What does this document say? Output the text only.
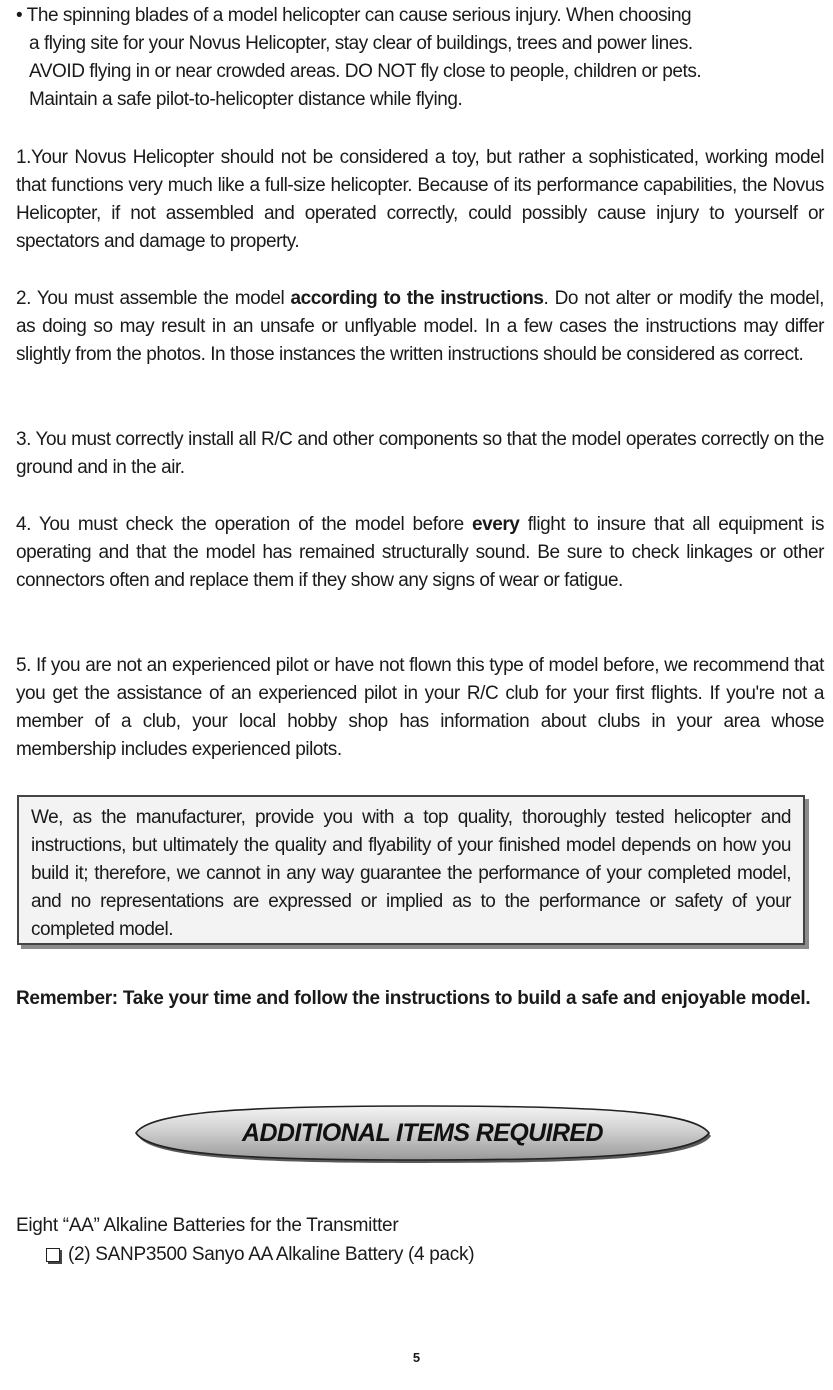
• The spinning blades of a model helicopter can cause serious injury. When choosing
a flying site for your Novus Helicopter, stay clear of buildings, trees and power lines.
AVOID flying in or near crowded areas. DO NOT fly close to people, children or pets.
Maintain a safe pilot-to-helicopter distance while flying.

1.Your Novus Helicopter should not be considered a toy, but rather a sophisticated, working model that functions very much like a full-size helicopter. Because of its performance capabilities, the Novus Helicopter, if not assembled and operated correctly, could possibly cause injury to yourself or spectators and damage to property.

2. You must assemble the model according to the instructions. Do not alter or modify the model, as doing so may result in an unsafe or unflyable model. In a few cases the instructions may differ slightly from the photos. In those instances the written instructions should be considered as correct.

3. You must correctly install all R/C and other components so that the model operates correctly on the ground and in the air.

4. You must check the operation of the model before every flight to insure that all equipment is operating and that the model has remained structurally sound. Be sure to check linkages or other connectors often and replace them if they show any signs of wear or fatigue.

5. If you are not an experienced pilot or have not flown this type of model before, we recommend that you get the assistance of an experienced pilot in your R/C club for your first flights. If you're not a member of a club, your local hobby shop has information about clubs in your area whose membership includes experienced pilots.

We, as the manufacturer, provide you with a top quality, thoroughly tested helicopter and instructions, but ultimately the quality and flyability of your finished model depends on how you build it; therefore, we cannot in any way guarantee the performance of your completed model, and no representations are expressed or implied as to the performance or safety of your completed model.

Remember: Take your time and follow the instructions to build a safe and enjoyable model.

ADDITIONAL ITEMS REQUIRED

Eight “AA” Alkaline Batteries for the Transmitter

(2) SANP3500 Sanyo AA Alkaline Battery (4 pack)
5
